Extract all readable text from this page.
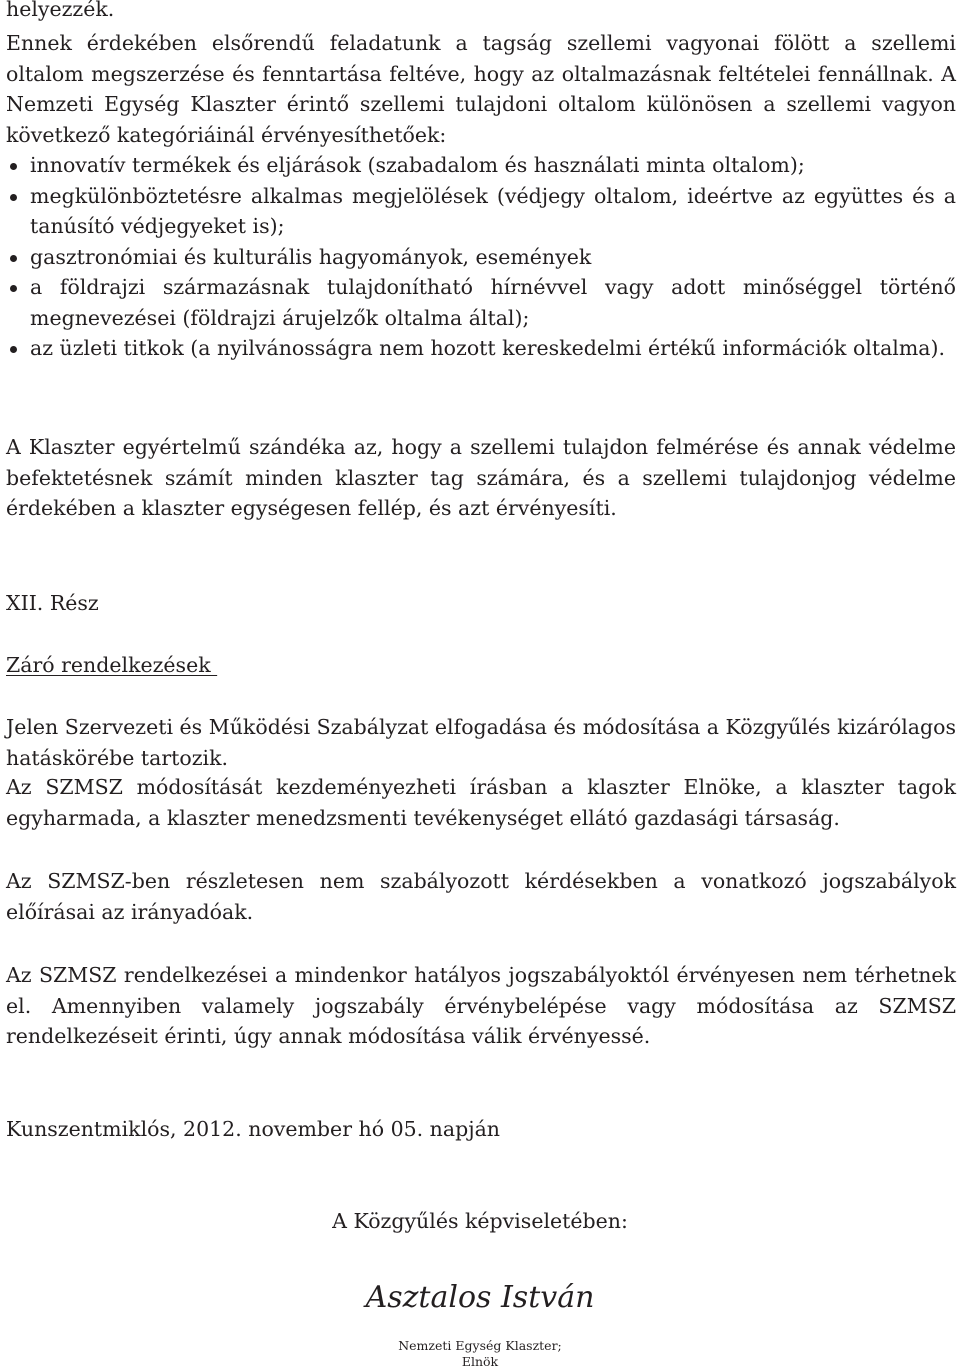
helyezzék.

Ennek érdekében elsőrendű feladatunk a tagság szellemi vagyonai fölött a szellemi oltalom megszerzése és fenntartása feltéve, hogy az oltalmazásnak feltételei fennállnak. A Nemzeti Egység Klaszter érintő szellemi tulajdoni oltalom különösen a szellemi vagyon következő kategóriáinál érvényesíthetőek:

innovatív termékek és eljárások (szabadalom és használati minta oltalom);
megkülönböztetésre alkalmas megjelölések (védjegy oltalom, ideértve az együttes és a tanúsító védjegyeket is);
gasztronómiai és kulturális hagyományok, események
a földrajzi származásnak tulajdonítható hírnévvel vagy adott minőséggel történő megnevezései (földrajzi árujelzők oltalma által);
az üzleti titkok (a nyilvánosságra nem hozott kereskedelmi értékű információk oltalma).

A Klaszter egyértelmű szándéka az, hogy a szellemi tulajdon felmérése és annak védelme befektetésnek számít minden klaszter tag számára, és a szellemi tulajdonjog védelme érdekében a klaszter egységesen fellép, és azt érvényesíti.

XII. Rész

Záró rendelkezések

Jelen Szervezeti és Működési Szabályzat elfogadása és módosítása a Közgyűlés kizárólagos hatáskörébe tartozik.

Az SZMSZ módosítását kezdeményezheti írásban a klaszter Elnöke, a klaszter tagok egyharmada, a klaszter menedzsmenti tevékenységet ellátó gazdasági társaság.

Az SZMSZ-ben részletesen nem szabályozott kérdésekben a vonatkozó jogszabályok előírásai az irányadóak.

Az SZMSZ rendelkezései a mindenkor hatályos jogszabályoktól érvényesen nem térhetnek el. Amennyiben valamely jogszabály érvénybelépése vagy módosítása az SZMSZ rendelkezéseit érinti, úgy annak módosítása válik érvényessé.

Kunszentmiklós, 2012. november hó 05. napján

A Közgyűlés képviseletében:
Asztalos István
Nemzeti Egység Klaszter;
Elnök
